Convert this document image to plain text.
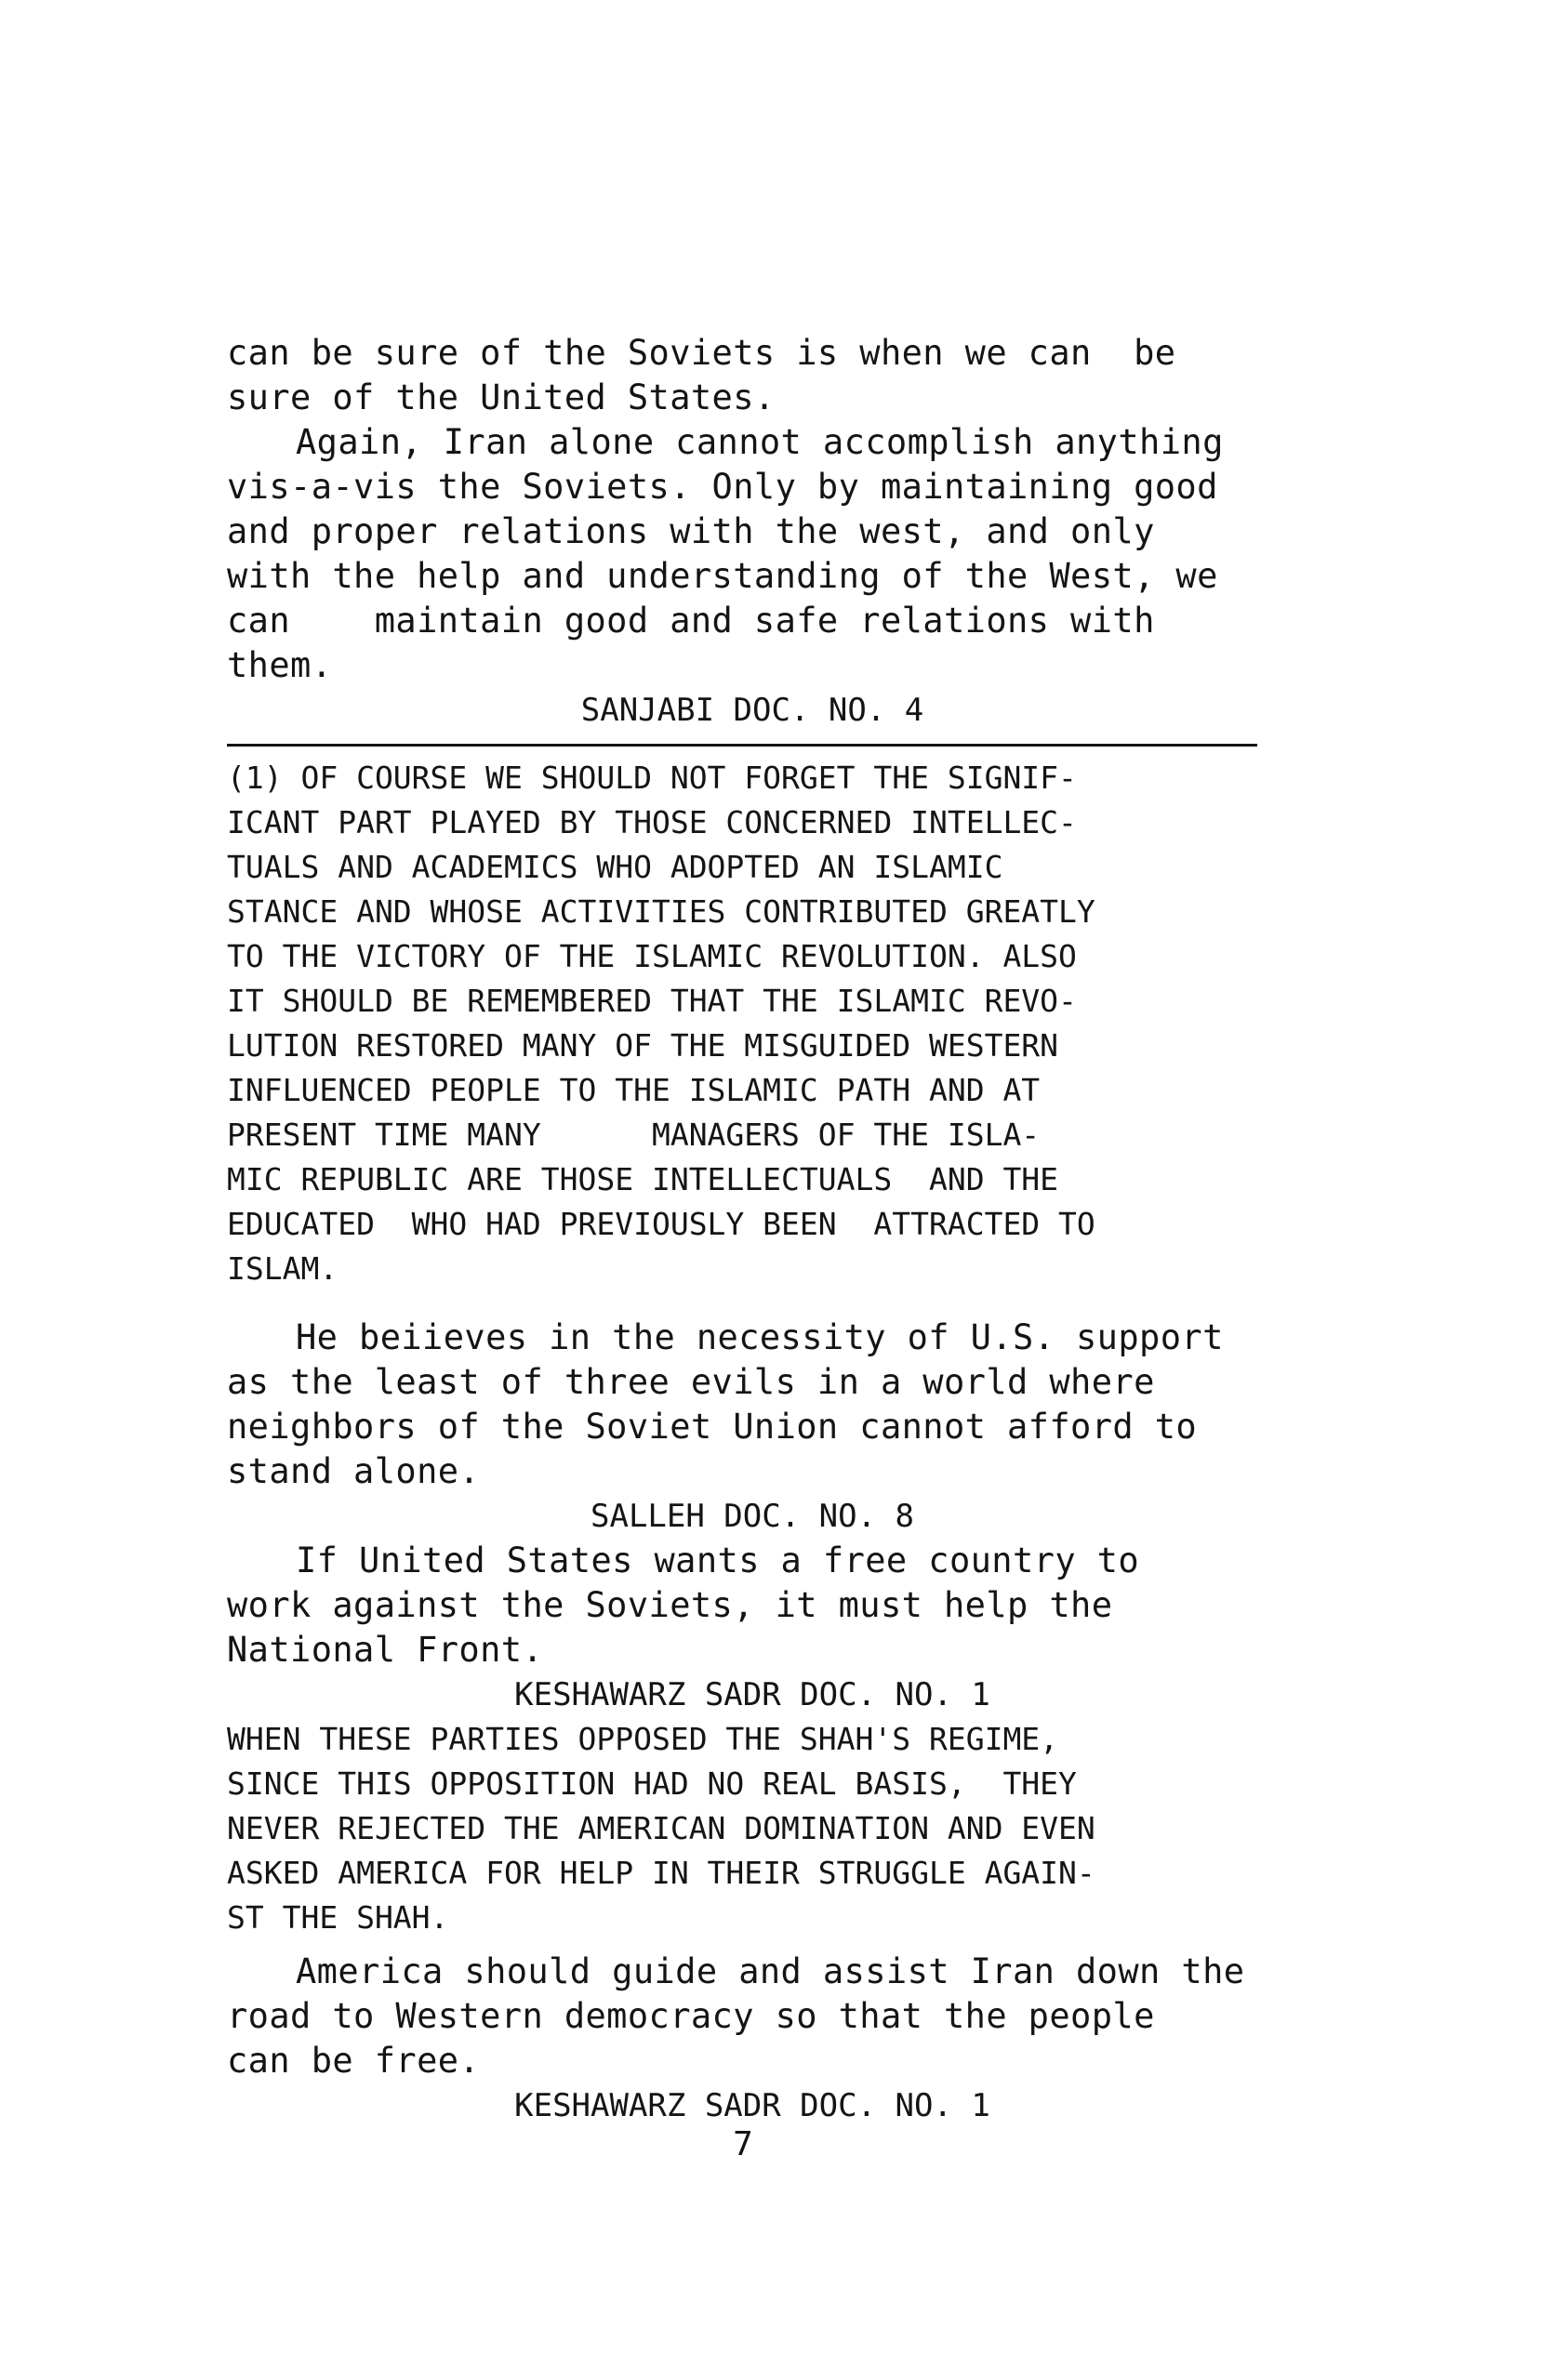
can be sure of the Soviets is when we can  be
sure of the United States.
Again, Iran alone cannot accomplish anything
vis-a-vis the Soviets. Only by maintaining good
and proper relations with the west, and only
with the help and understanding of the West, we
can    maintain good and safe relations with
them.
SANJABI DOC. NO. 4
(1) OF COURSE WE SHOULD NOT FORGET THE SIGNIF-
ICANT PART PLAYED BY THOSE CONCERNED INTELLEC-
TUALS AND ACADEMICS WHO ADOPTED AN ISLAMIC
STANCE AND WHOSE ACTIVITIES CONTRIBUTED GREATLY
TO THE VICTORY OF THE ISLAMIC REVOLUTION. ALSO
IT SHOULD BE REMEMBERED THAT THE ISLAMIC REVO-
LUTION RESTORED MANY OF THE MISGUIDED WESTERN
INFLUENCED PEOPLE TO THE ISLAMIC PATH AND AT
PRESENT TIME MANY      MANAGERS OF THE ISLA-
MIC REPUBLIC ARE THOSE INTELLECTUALS  AND THE
EDUCATED  WHO HAD PREVIOUSLY BEEN  ATTRACTED TO
ISLAM.
He beiieves in the necessity of U.S. support
as the least of three evils in a world where
neighbors of the Soviet Union cannot afford to
stand alone.
SALLEH DOC. NO. 8
If United States wants a free country to
work against the Soviets, it must help the
National Front.
KESHAWARZ SADR DOC. NO. 1
WHEN THESE PARTIES OPPOSED THE SHAH'S REGIME,
SINCE THIS OPPOSITION HAD NO REAL BASIS,  THEY
NEVER REJECTED THE AMERICAN DOMINATION AND EVEN
ASKED AMERICA FOR HELP IN THEIR STRUGGLE AGAIN-
ST THE SHAH.
America should guide and assist Iran down the
road to Western democracy so that the people
can be free.
KESHAWARZ SADR DOC. NO. 1
7
